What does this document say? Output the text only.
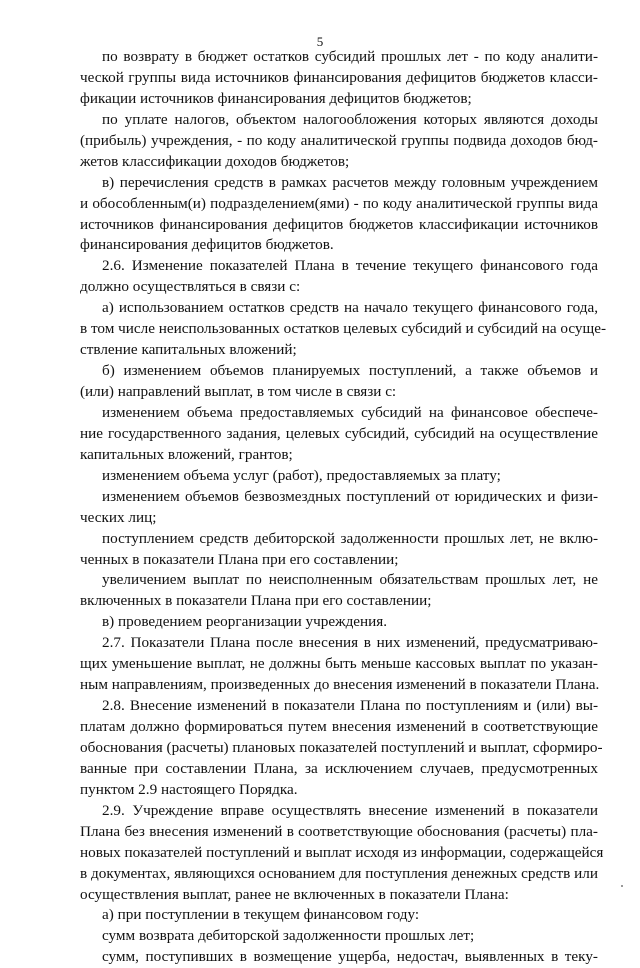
5
по возврату в бюджет остатков субсидий прошлых лет - по коду аналити-
ческой группы вида источников финансирования дефицитов бюджетов класси-
фикации источников финансирования дефицитов бюджетов;
по уплате налогов, объектом налогообложения которых являются доходы
(прибыль) учреждения, - по коду аналитической группы подвида доходов бюд-
жетов классификации доходов бюджетов;
в) перечисления средств в рамках расчетов между головным учреждением
и обособленным(и) подразделением(ями) - по коду аналитической группы вида
источников финансирования дефицитов бюджетов классификации источников
финансирования дефицитов бюджетов.
2.6. Изменение показателей Плана в течение текущего финансового года
должно осуществляться в связи с:
а) использованием остатков средств на начало текущего финансового года,
в том числе неиспользованных остатков целевых субсидий и субсидий на осуще-
ствление капитальных вложений;
б) изменением объемов планируемых поступлений, а также объемов и
(или) направлений выплат, в том числе в связи с:
изменением объема предоставляемых субсидий на финансовое обеспече-
ние государственного задания, целевых субсидий, субсидий на осуществление
капитальных вложений, грантов;
изменением объема услуг (работ), предоставляемых за плату;
изменением объемов безвозмездных поступлений от юридических и физи-
ческих лиц;
поступлением средств дебиторской задолженности прошлых лет, не вклю-
ченных в показатели Плана при его составлении;
увеличением выплат по неисполненным обязательствам прошлых лет, не
включенных в показатели Плана при его составлении;
в) проведением реорганизации учреждения.
2.7. Показатели Плана после внесения в них изменений, предусматриваю-
щих уменьшение выплат, не должны быть меньше кассовых выплат по указан-
ным направлениям, произведенных до внесения изменений в показатели Плана.
2.8. Внесение изменений в показатели Плана по поступлениям и (или) вы-
платам должно формироваться путем внесения изменений в соответствующие
обоснования (расчеты) плановых показателей поступлений и выплат, сформиро-
ванные при составлении Плана, за исключением случаев, предусмотренных
пунктом 2.9 настоящего Порядка.
2.9. Учреждение вправе осуществлять внесение изменений в показатели
Плана без внесения изменений в соответствующие обоснования (расчеты) пла-
новых показателей поступлений и выплат исходя из информации, содержащейся
в документах, являющихся основанием для поступления денежных средств или
осуществления выплат, ранее не включенных в показатели Плана:
а) при поступлении в текущем финансовом году:
сумм возврата дебиторской задолженности прошлых лет;
сумм, поступивших в возмещение ущерба, недостач, выявленных в теку-
